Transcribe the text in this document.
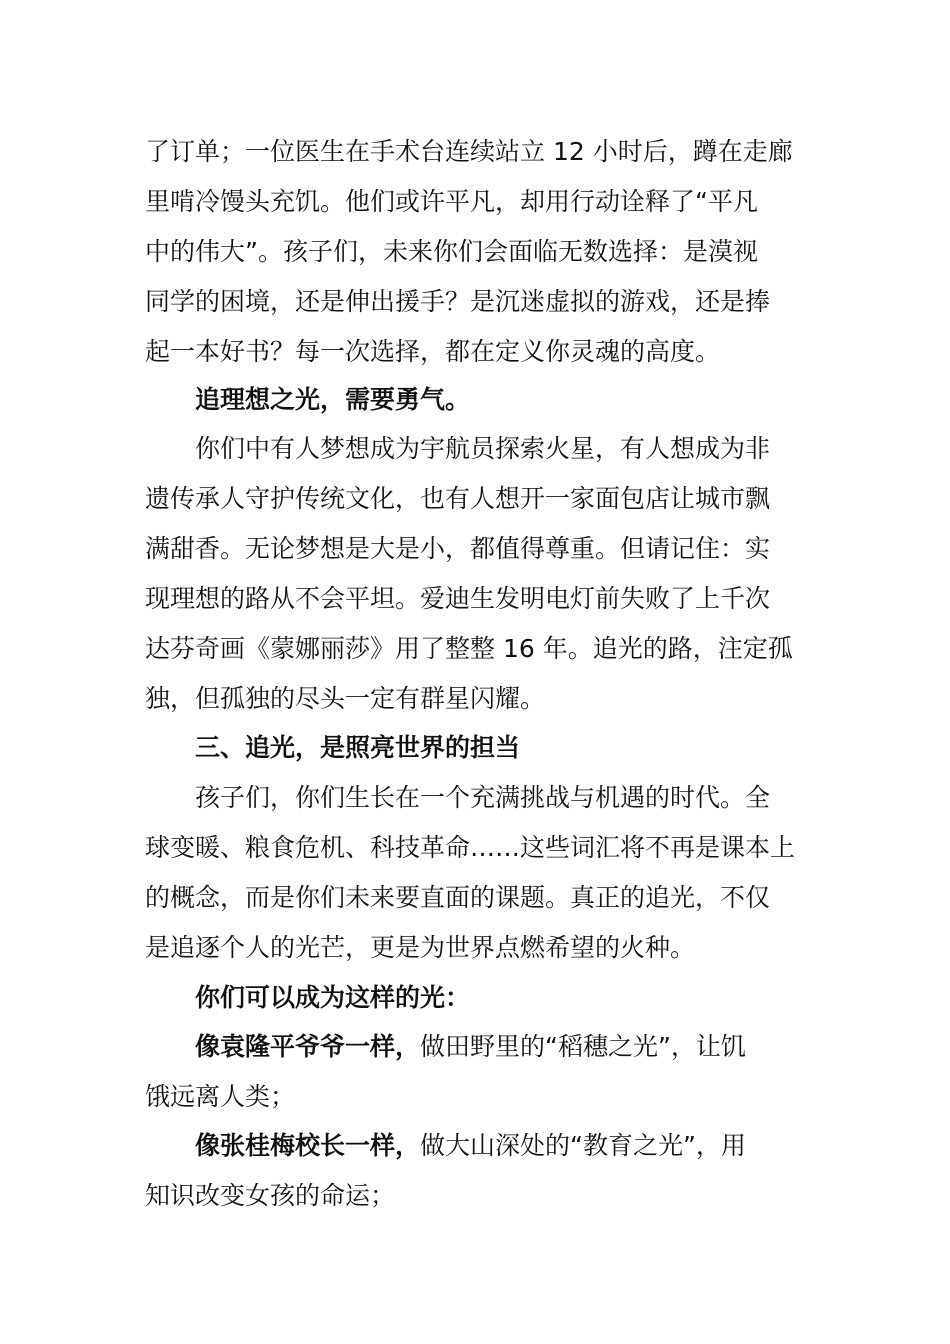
了订单；一位医生在手术台连续站立 12 小时后，蹲在走廊
里啃冷馒头充饥。他们或许平凡，却用行动诠释了“平凡
中的伟大”。孩子们，未来你们会面临无数选择：是漠视
同学的困境，还是伸出援手？是沉迷虚拟的游戏，还是捧
起一本好书？每一次选择，都在定义你灵魂的高度。
追理想之光，需要勇气。
你们中有人梦想成为宇航员探索火星，有人想成为非
遗传承人守护传统文化，也有人想开一家面包店让城市飘
满甜香。无论梦想是大是小，都值得尊重。但请记住：实
现理想的路从不会平坦。爱迪生发明电灯前失败了上千次
达芬奇画《蒙娜丽莎》用了整整 16 年。追光的路，注定孤
独，但孤独的尽头一定有群星闪耀。
三、追光，是照亮世界的担当
孩子们，你们生长在一个充满挑战与机遇的时代。全
球变暖、粮食危机、科技革命……这些词汇将不再是课本上
的概念，而是你们未来要直面的课题。真正的追光，不仅
是追逐个人的光芒，更是为世界点燃希望的火种。
你们可以成为这样的光：
像袁隆平爷爷一样，做田野里的“稻穗之光”，让饥
饿远离人类；
像张桂梅校长一样，做大山深处的“教育之光”，用
知识改变女孩的命运；
